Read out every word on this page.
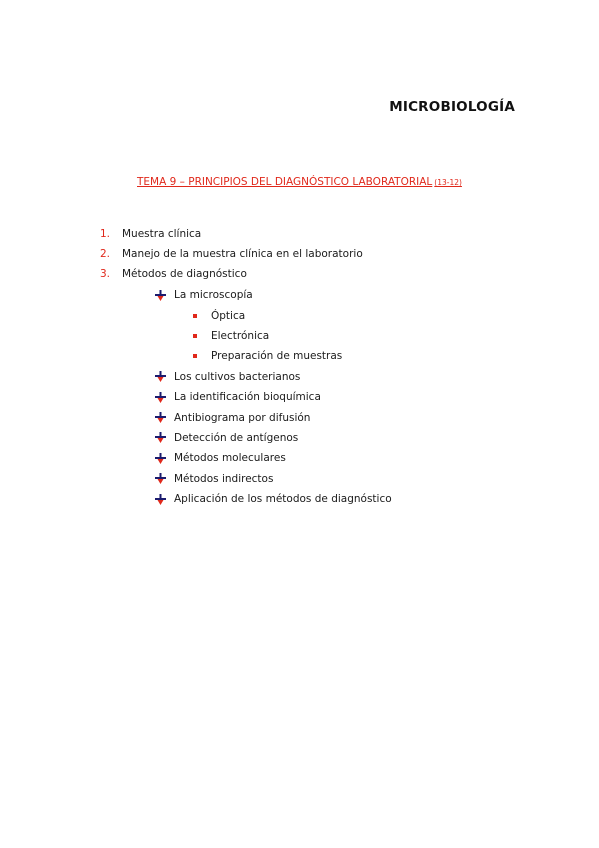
MICROBIOLOGÍA
TEMA 9 – PRINCIPIOS DEL DIAGNÓSTICO LABORATORIAL (13-12)
1.	Muestra clínica
2.	Manejo de la muestra clínica en el laboratorio
3.	Métodos de diagnóstico
La microscopía
Óptica
Electrónica
Preparación de muestras
Los cultivos bacterianos
La identificación bioquímica
Antibiograma por difusión
Detección de antígenos
Métodos moleculares
Métodos indirectos
Aplicación de los métodos de diagnóstico
